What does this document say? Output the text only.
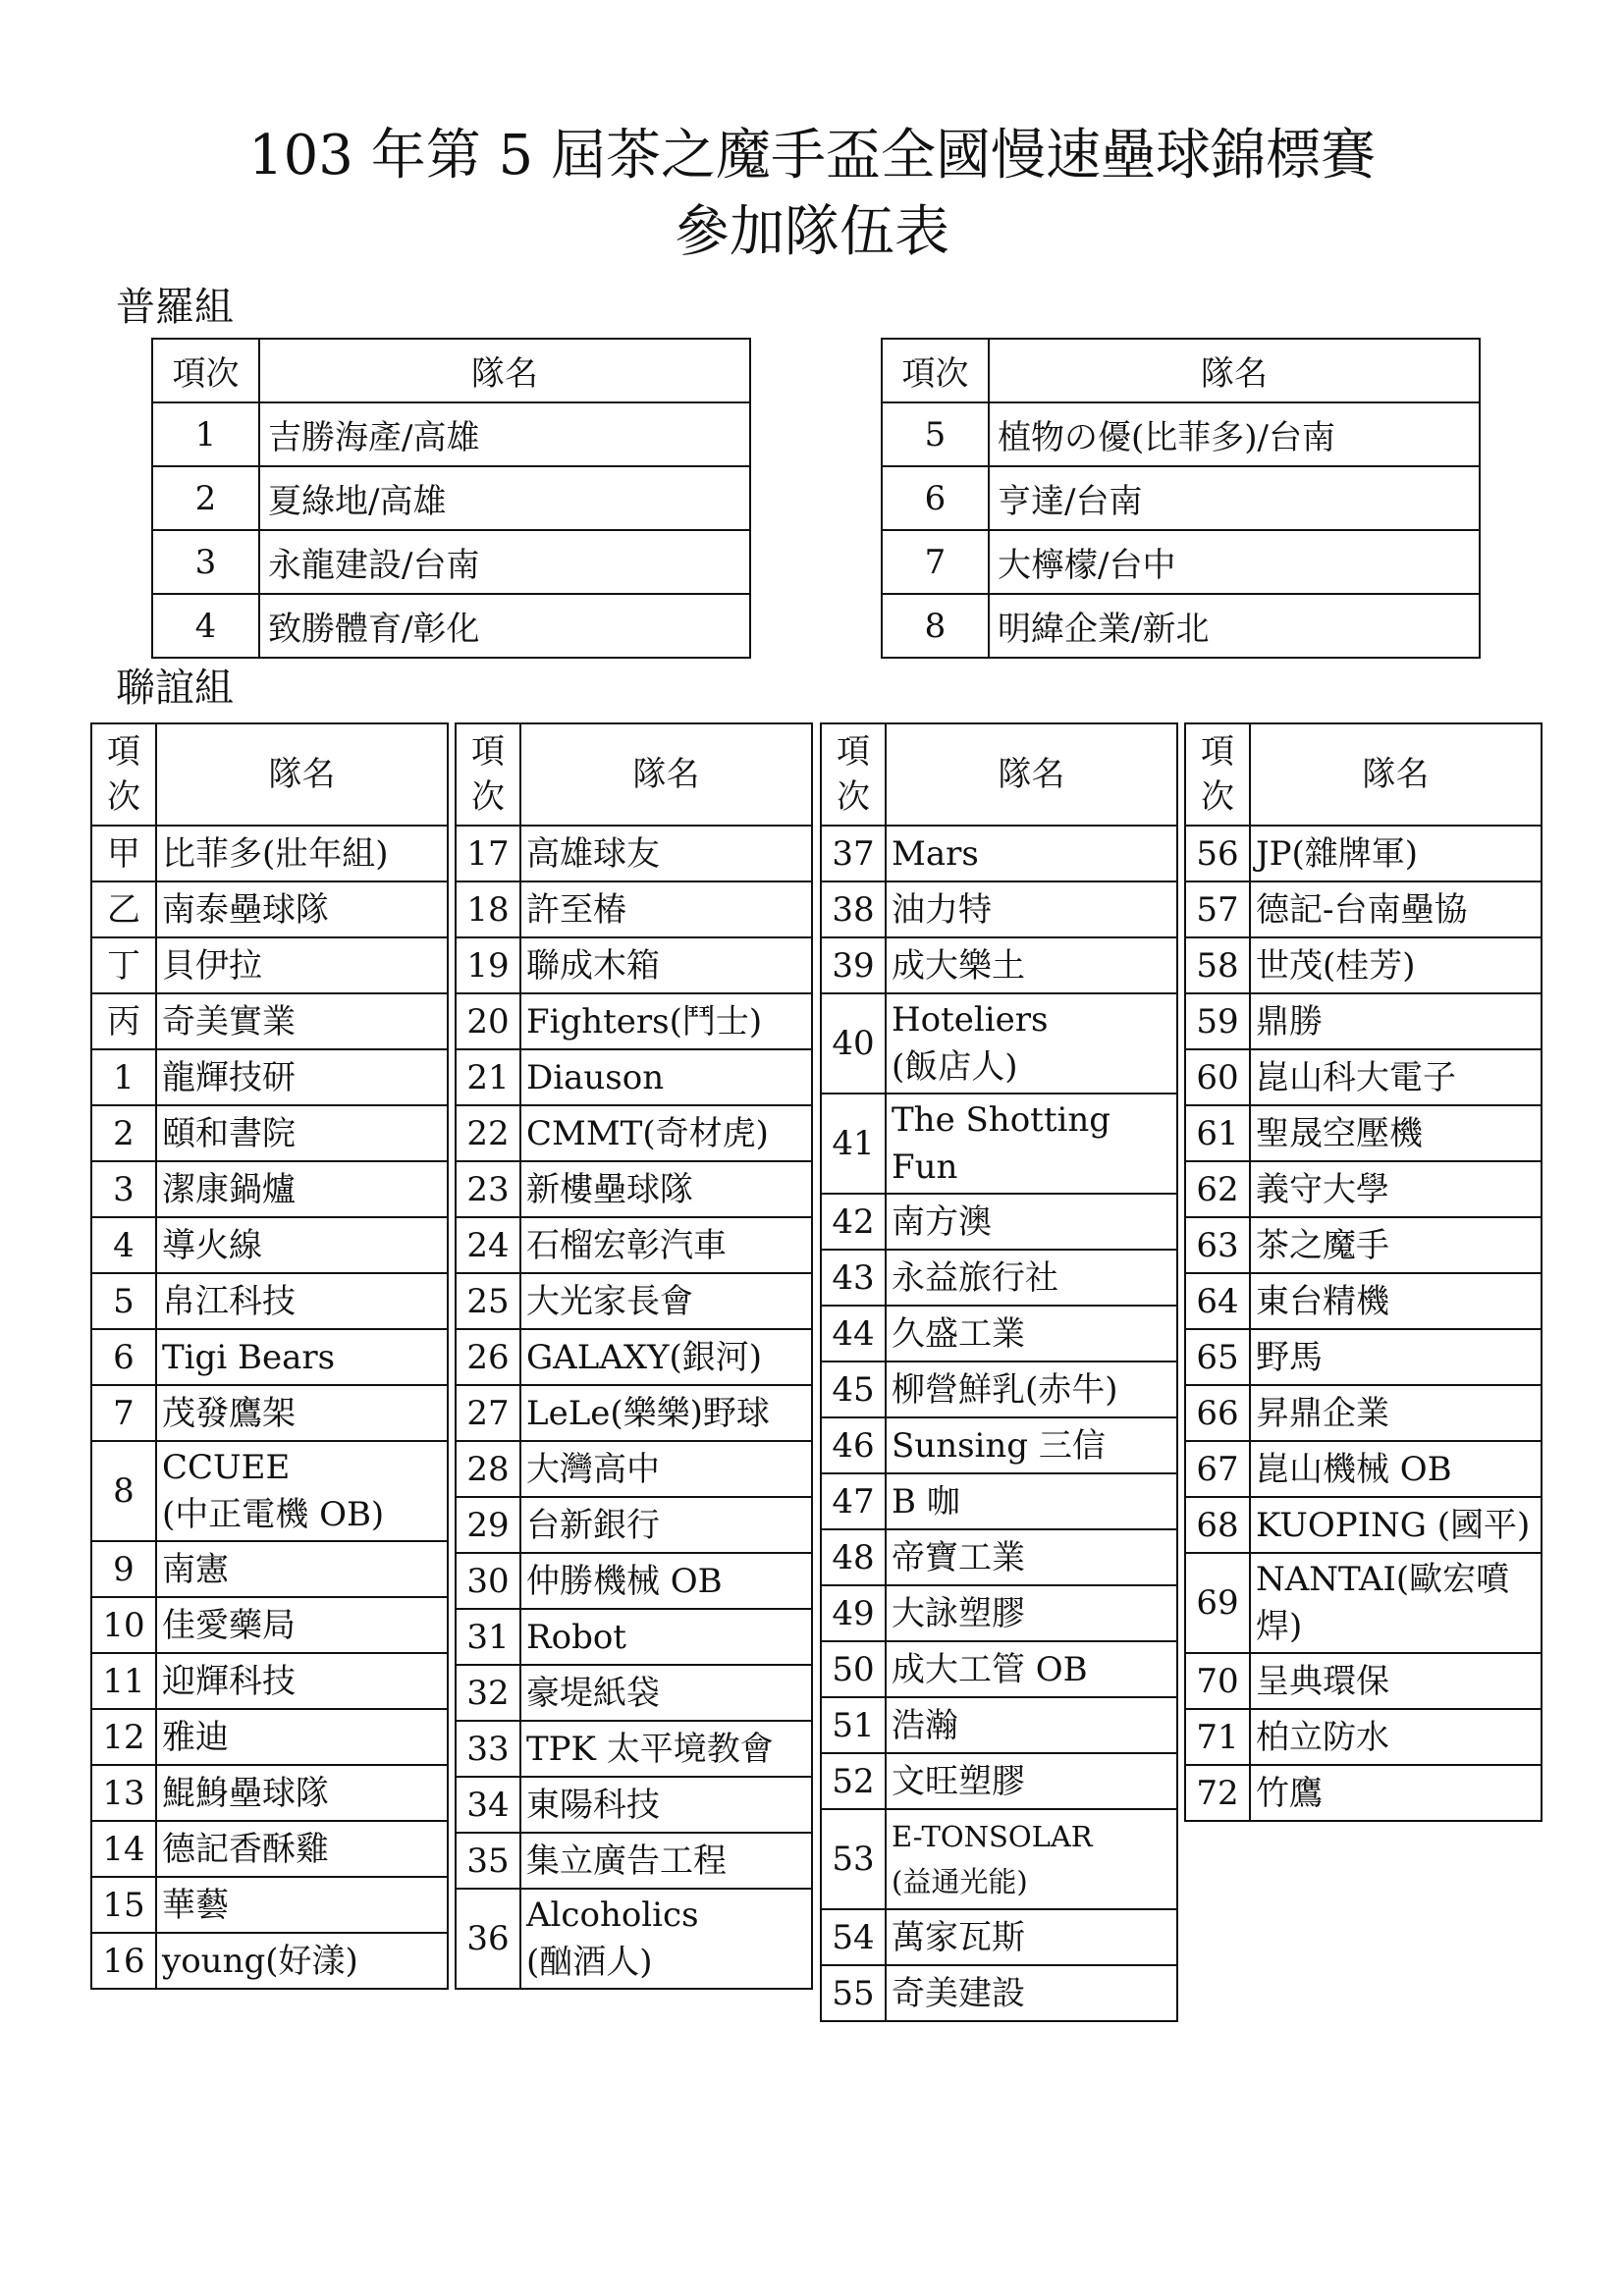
103 年第 5 屆茶之魔手盃全國慢速壘球錦標賽
參加隊伍表
普羅組
項次	隊名
1	吉勝海產/高雄
2	夏綠地/高雄
3	永龍建設/台南
4	致勝體育/彰化
項次	隊名
5	植物の優(比菲多)/台南
6	亨達/台南
7	大檸檬/台中
8	明緯企業/新北
聯誼組
項
次	隊名
甲	比菲多(壯年組)
乙	南泰壘球隊
丁	貝伊拉
丙	奇美實業
1	龍輝技研
2	頤和書院
3	潔康鍋爐
4	導火線
5	帛江科技
6	Tigi Bears
7	茂發鷹架
8	CCUEE
(中正電機 OB)
9	南憲
10	佳愛藥局
11	迎輝科技
12	雅迪
13	鯤鯓壘球隊
14	德記香酥雞
15	華藝
16	young(好漾)
項
次	隊名
17	高雄球友
18	許至椿
19	聯成木箱
20	Fighters(鬥士)
21	Diauson
22	CMMT(奇材虎)
23	新樓壘球隊
24	石榴宏彰汽車
25	大光家長會
26	GALAXY(銀河)
27	LeLe(樂樂)野球
28	大灣高中
29	台新銀行
30	仲勝機械 OB
31	Robot
32	豪堤紙袋
33	TPK 太平境教會
34	東陽科技
35	集立廣告工程
36	Alcoholics
(酗酒人)
項
次	隊名
37	Mars
38	油力特
39	成大樂土
40	Hoteliers
(飯店人)
41	The Shotting
Fun
42	南方澳
43	永益旅行社
44	久盛工業
45	柳營鮮乳(赤牛)
46	Sunsing 三信
47	B 咖
48	帝寶工業
49	大詠塑膠
50	成大工管 OB
51	浩瀚
52	文旺塑膠
53	E-TONSOLAR
(益通光能)
54	萬家瓦斯
55	奇美建設
項
次	隊名
56	JP(雜牌軍)
57	德記-台南壘協
58	世茂(桂芳)
59	鼎勝
60	崑山科大電子
61	聖晟空壓機
62	義守大學
63	茶之魔手
64	東台精機
65	野馬
66	昇鼎企業
67	崑山機械 OB
68	KUOPING (國平)
69	NANTAI(歐宏噴
焊)
70	呈典環保
71	柏立防水
72	竹鷹
